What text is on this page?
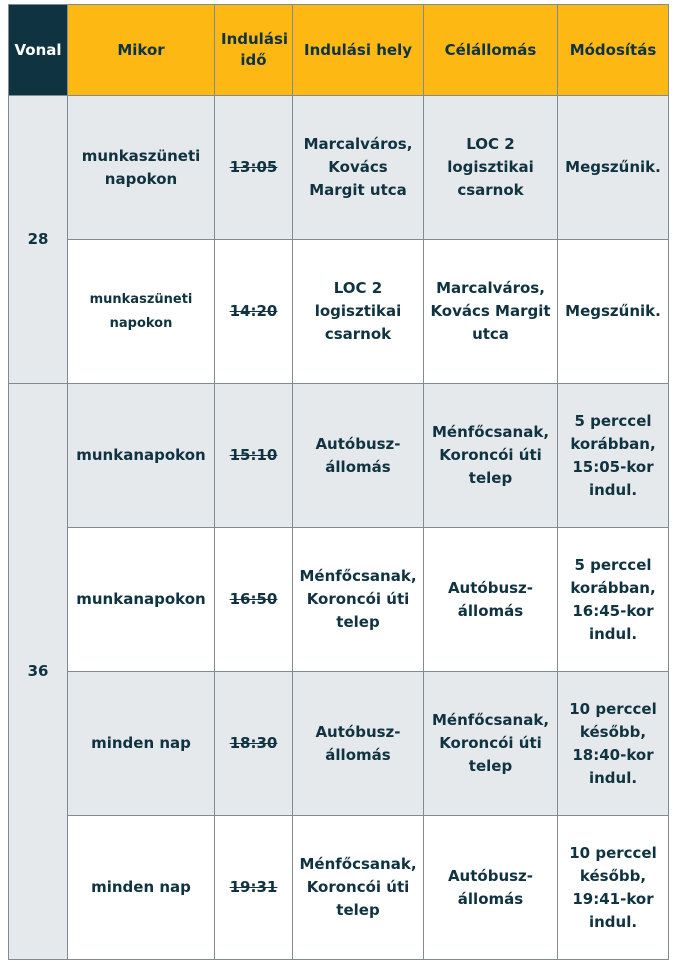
Vonal	Mikor	Indulási idő	Indulási hely	Célállomás	Módosítás
28	munkaszüneti napokon	13:05	Marcalváros, Kovács Margit utca	LOC 2 logisztikai csarnok	Megszűnik.
	munkaszüneti napokon	14:20	LOC 2 logisztikai csarnok	Marcalváros, Kovács Margit utca	Megszűnik.
36	munkanapokon	15:10	Autóbusz-állomás	Ménfőcsanak, Koroncói úti telep	5 perccel korábban, 15:05-kor indul.
	munkanapokon	16:50	Ménfőcsanak, Koroncói úti telep	Autóbusz-állomás	5 perccel korábban, 16:45-kor indul.
	minden nap	18:30	Autóbusz-állomás	Ménfőcsanak, Koroncói úti telep	10 perccel később, 18:40-kor indul.
	minden nap	19:31	Ménfőcsanak, Koroncói úti telep	Autóbusz-állomás	10 perccel később, 19:41-kor indul.
